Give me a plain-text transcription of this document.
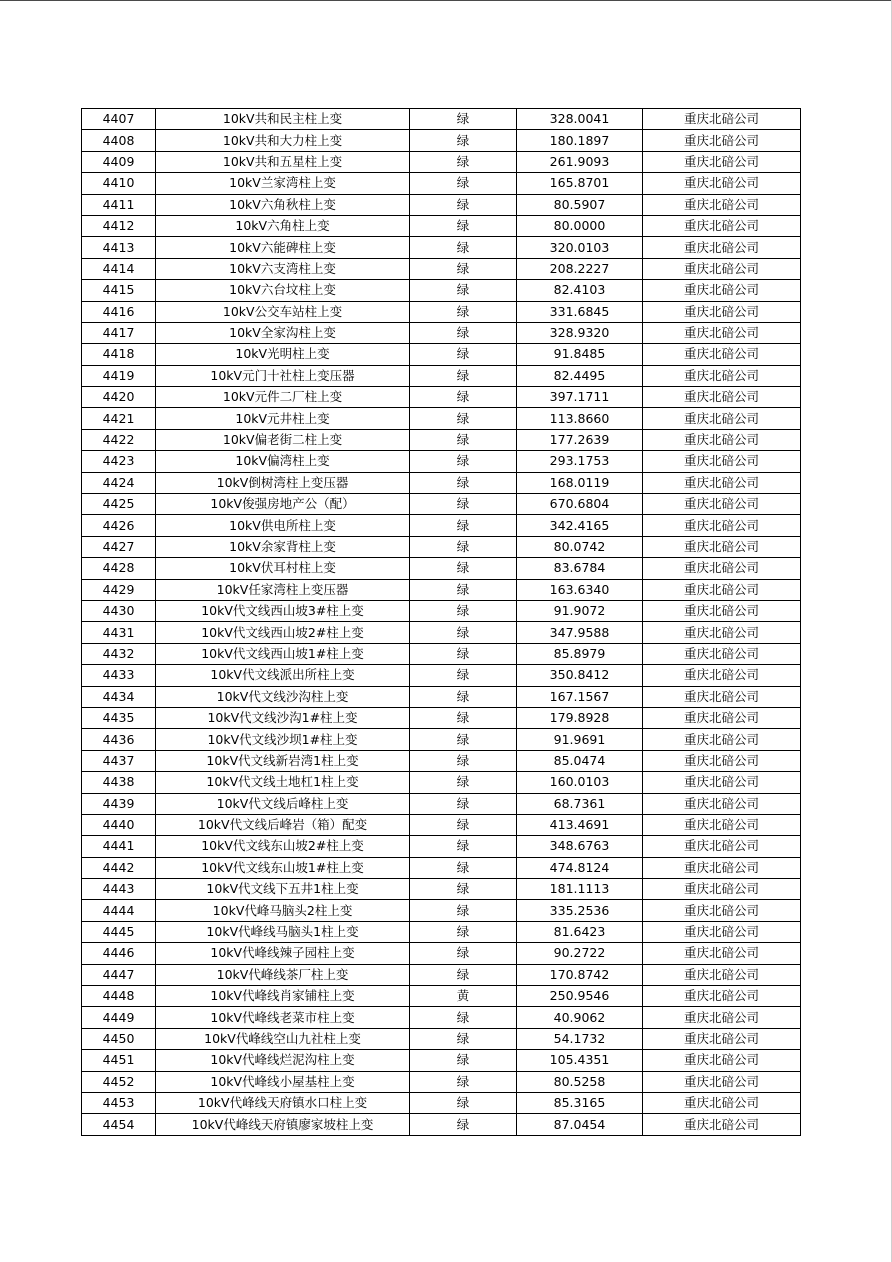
4407	10kV共和民主柱上变	绿	328.0041	重庆北碚公司
4408	10kV共和大力柱上变	绿	180.1897	重庆北碚公司
4409	10kV共和五星柱上变	绿	261.9093	重庆北碚公司
4410	10kV兰家湾柱上变	绿	165.8701	重庆北碚公司
4411	10kV六角秋柱上变	绿	80.5907	重庆北碚公司
4412	10kV六角柱上变	绿	80.0000	重庆北碚公司
4413	10kV六能碑柱上变	绿	320.0103	重庆北碚公司
4414	10kV六支湾柱上变	绿	208.2227	重庆北碚公司
4415	10kV六台坟柱上变	绿	82.4103	重庆北碚公司
4416	10kV公交车站柱上变	绿	331.6845	重庆北碚公司
4417	10kV全家沟柱上变	绿	328.9320	重庆北碚公司
4418	10kV光明柱上变	绿	91.8485	重庆北碚公司
4419	10kV元门十社柱上变压器	绿	82.4495	重庆北碚公司
4420	10kV元件二厂柱上变	绿	397.1711	重庆北碚公司
4421	10kV元井柱上变	绿	113.8660	重庆北碚公司
4422	10kV偏老街二柱上变	绿	177.2639	重庆北碚公司
4423	10kV偏湾柱上变	绿	293.1753	重庆北碚公司
4424	10kV倒树湾柱上变压器	绿	168.0119	重庆北碚公司
4425	10kV俊强房地产公（配）	绿	670.6804	重庆北碚公司
4426	10kV供电所柱上变	绿	342.4165	重庆北碚公司
4427	10kV余家背柱上变	绿	80.0742	重庆北碚公司
4428	10kV伏耳村柱上变	绿	83.6784	重庆北碚公司
4429	10kV任家湾柱上变压器	绿	163.6340	重庆北碚公司
4430	10kV代文线西山坡3#柱上变	绿	91.9072	重庆北碚公司
4431	10kV代文线西山坡2#柱上变	绿	347.9588	重庆北碚公司
4432	10kV代文线西山坡1#柱上变	绿	85.8979	重庆北碚公司
4433	10kV代文线派出所柱上变	绿	350.8412	重庆北碚公司
4434	10kV代文线沙沟柱上变	绿	167.1567	重庆北碚公司
4435	10kV代文线沙沟1#柱上变	绿	179.8928	重庆北碚公司
4436	10kV代文线沙坝1#柱上变	绿	91.9691	重庆北碚公司
4437	10kV代文线新岩湾1柱上变	绿	85.0474	重庆北碚公司
4438	10kV代文线土地杠1柱上变	绿	160.0103	重庆北碚公司
4439	10kV代文线后峰柱上变	绿	68.7361	重庆北碚公司
4440	10kV代文线后峰岩（箱）配变	绿	413.4691	重庆北碚公司
4441	10kV代文线东山坡2#柱上变	绿	348.6763	重庆北碚公司
4442	10kV代文线东山坡1#柱上变	绿	474.8124	重庆北碚公司
4443	10kV代文线下五井1柱上变	绿	181.1113	重庆北碚公司
4444	10kV代峰马脑头2柱上变	绿	335.2536	重庆北碚公司
4445	10kV代峰线马脑头1柱上变	绿	81.6423	重庆北碚公司
4446	10kV代峰线辣子园柱上变	绿	90.2722	重庆北碚公司
4447	10kV代峰线茶厂柱上变	绿	170.8742	重庆北碚公司
4448	10kV代峰线肖家铺柱上变	黄	250.9546	重庆北碚公司
4449	10kV代峰线老菜市柱上变	绿	40.9062	重庆北碚公司
4450	10kV代峰线空山九社柱上变	绿	54.1732	重庆北碚公司
4451	10kV代峰线烂泥沟柱上变	绿	105.4351	重庆北碚公司
4452	10kV代峰线小屋基柱上变	绿	80.5258	重庆北碚公司
4453	10kV代峰线天府镇水口柱上变	绿	85.3165	重庆北碚公司
4454	10kV代峰线天府镇廖家坡柱上变	绿	87.0454	重庆北碚公司
